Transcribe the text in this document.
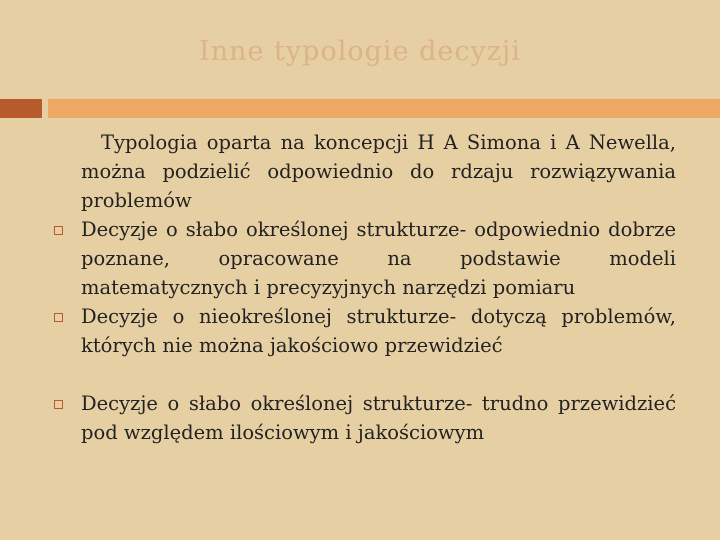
Inne typologie decyzji
Typologia oparta na koncepcji H A Simona i A Newella, można podzielić odpowiednio do rdzaju rozwiązywania problemów
Decyzje o słabo określonej strukturze- odpowiednio dobrze poznane, opracowane na podstawie modeli matematycznych i precyzyjnych narzędzi pomiaru
Decyzje o nieokreślonej strukturze- dotyczą problemów, których nie można jakościowo przewidzieć
Decyzje o słabo określonej strukturze- trudno przewidzieć pod względem ilościowym i jakościowym
